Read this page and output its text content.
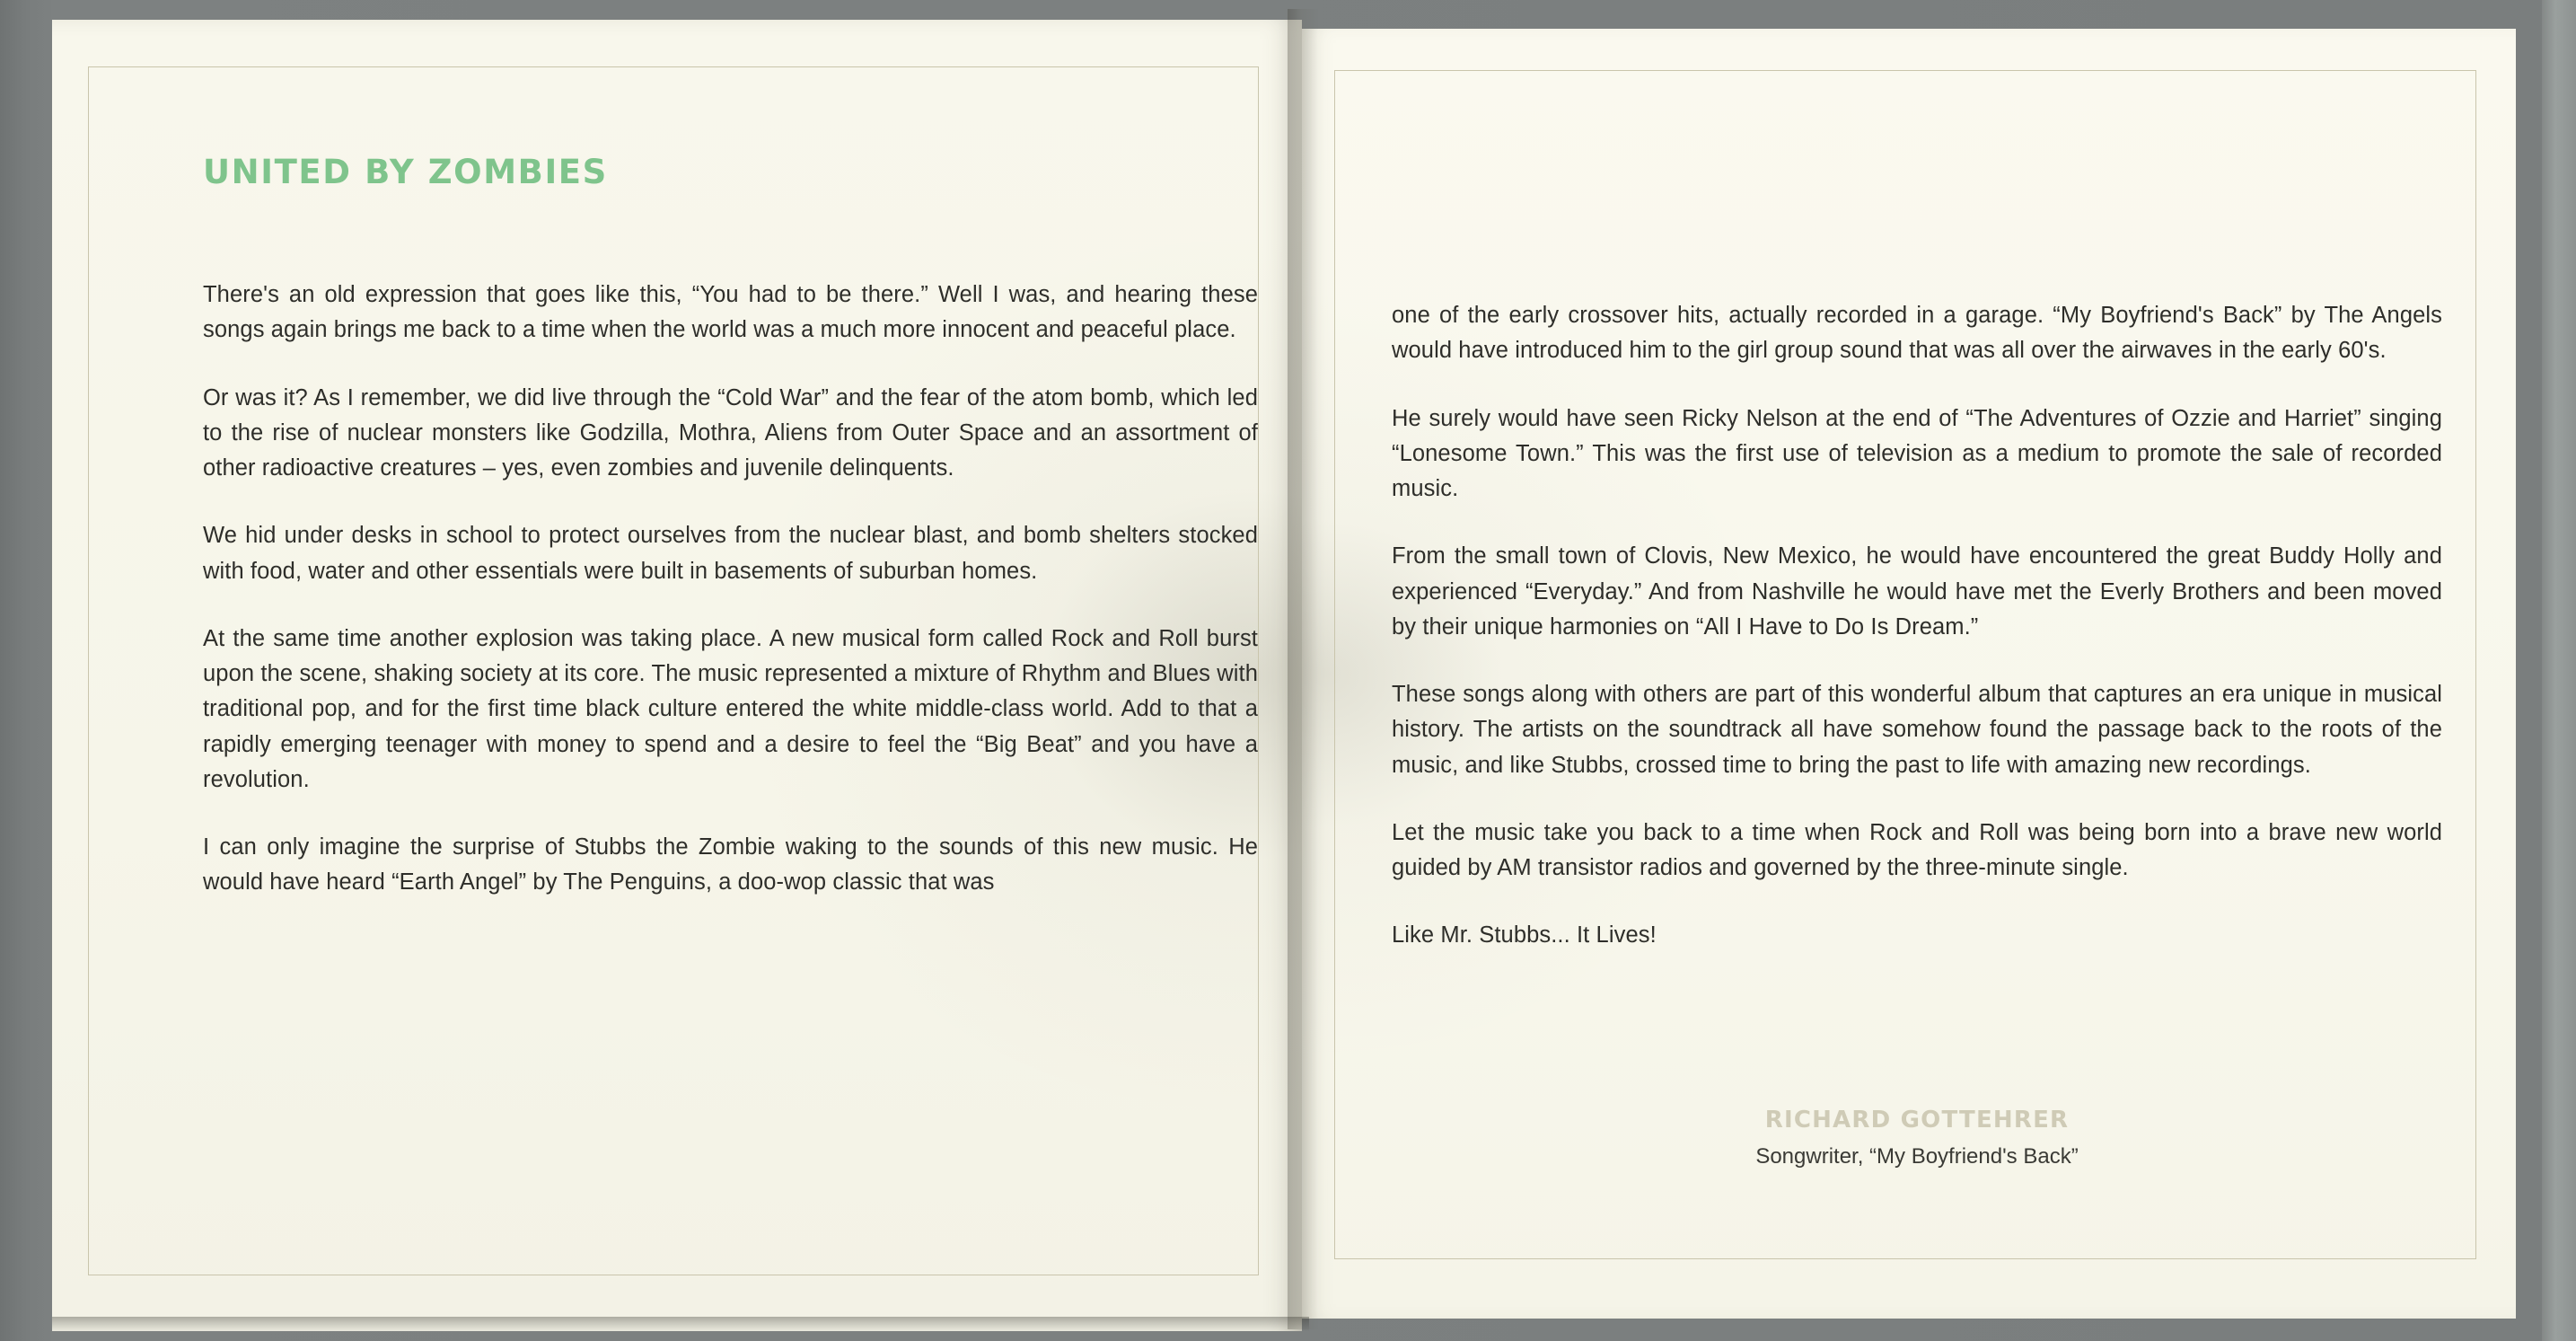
UNITED BY ZOMBIES

There's an old expression that goes like this, “You had to be there.” Well I was, and hearing these songs again brings me back to a time when the world was a much more innocent and peaceful place.

Or was it? As I remember, we did live through the “Cold War” and the fear of the atom bomb, which led to the rise of nuclear monsters like Godzilla, Mothra, Aliens from Outer Space and an assortment of other radioactive creatures – yes, even zombies and juvenile delinquents.

We hid under desks in school to protect ourselves from the nuclear blast, and bomb shelters stocked with food, water and other essentials were built in basements of suburban homes.

At the same time another explosion was taking place. A new musical form called Rock and Roll burst upon the scene, shaking society at its core. The music represented a mixture of Rhythm and Blues with traditional pop, and for the first time black culture entered the white middle-class world. Add to that a rapidly emerging teenager with money to spend and a desire to feel the “Big Beat” and you have a revolution.

I can only imagine the surprise of Stubbs the Zombie waking to the sounds of this new music. He would have heard “Earth Angel” by The Penguins, a doo-wop classic that was

one of the early crossover hits, actually recorded in a garage. “My Boyfriend's Back” by The Angels would have introduced him to the girl group sound that was all over the airwaves in the early 60's.

He surely would have seen Ricky Nelson at the end of “The Adventures of Ozzie and Harriet” singing “Lonesome Town.” This was the first use of television as a medium to promote the sale of recorded music.

From the small town of Clovis, New Mexico, he would have encountered the great Buddy Holly and experienced “Everyday.” And from Nashville he would have met the Everly Brothers and been moved by their unique harmonies on “All I Have to Do Is Dream.”

These songs along with others are part of this wonderful album that captures an era unique in musical history. The artists on the soundtrack all have somehow found the passage back to the roots of the music, and like Stubbs, crossed time to bring the past to life with amazing new recordings.

Let the music take you back to a time when Rock and Roll was being born into a brave new world guided by AM transistor radios and governed by the three-minute single.

Like Mr. Stubbs... It Lives!

RICHARD GOTTEHRER

Songwriter, “My Boyfriend's Back”
